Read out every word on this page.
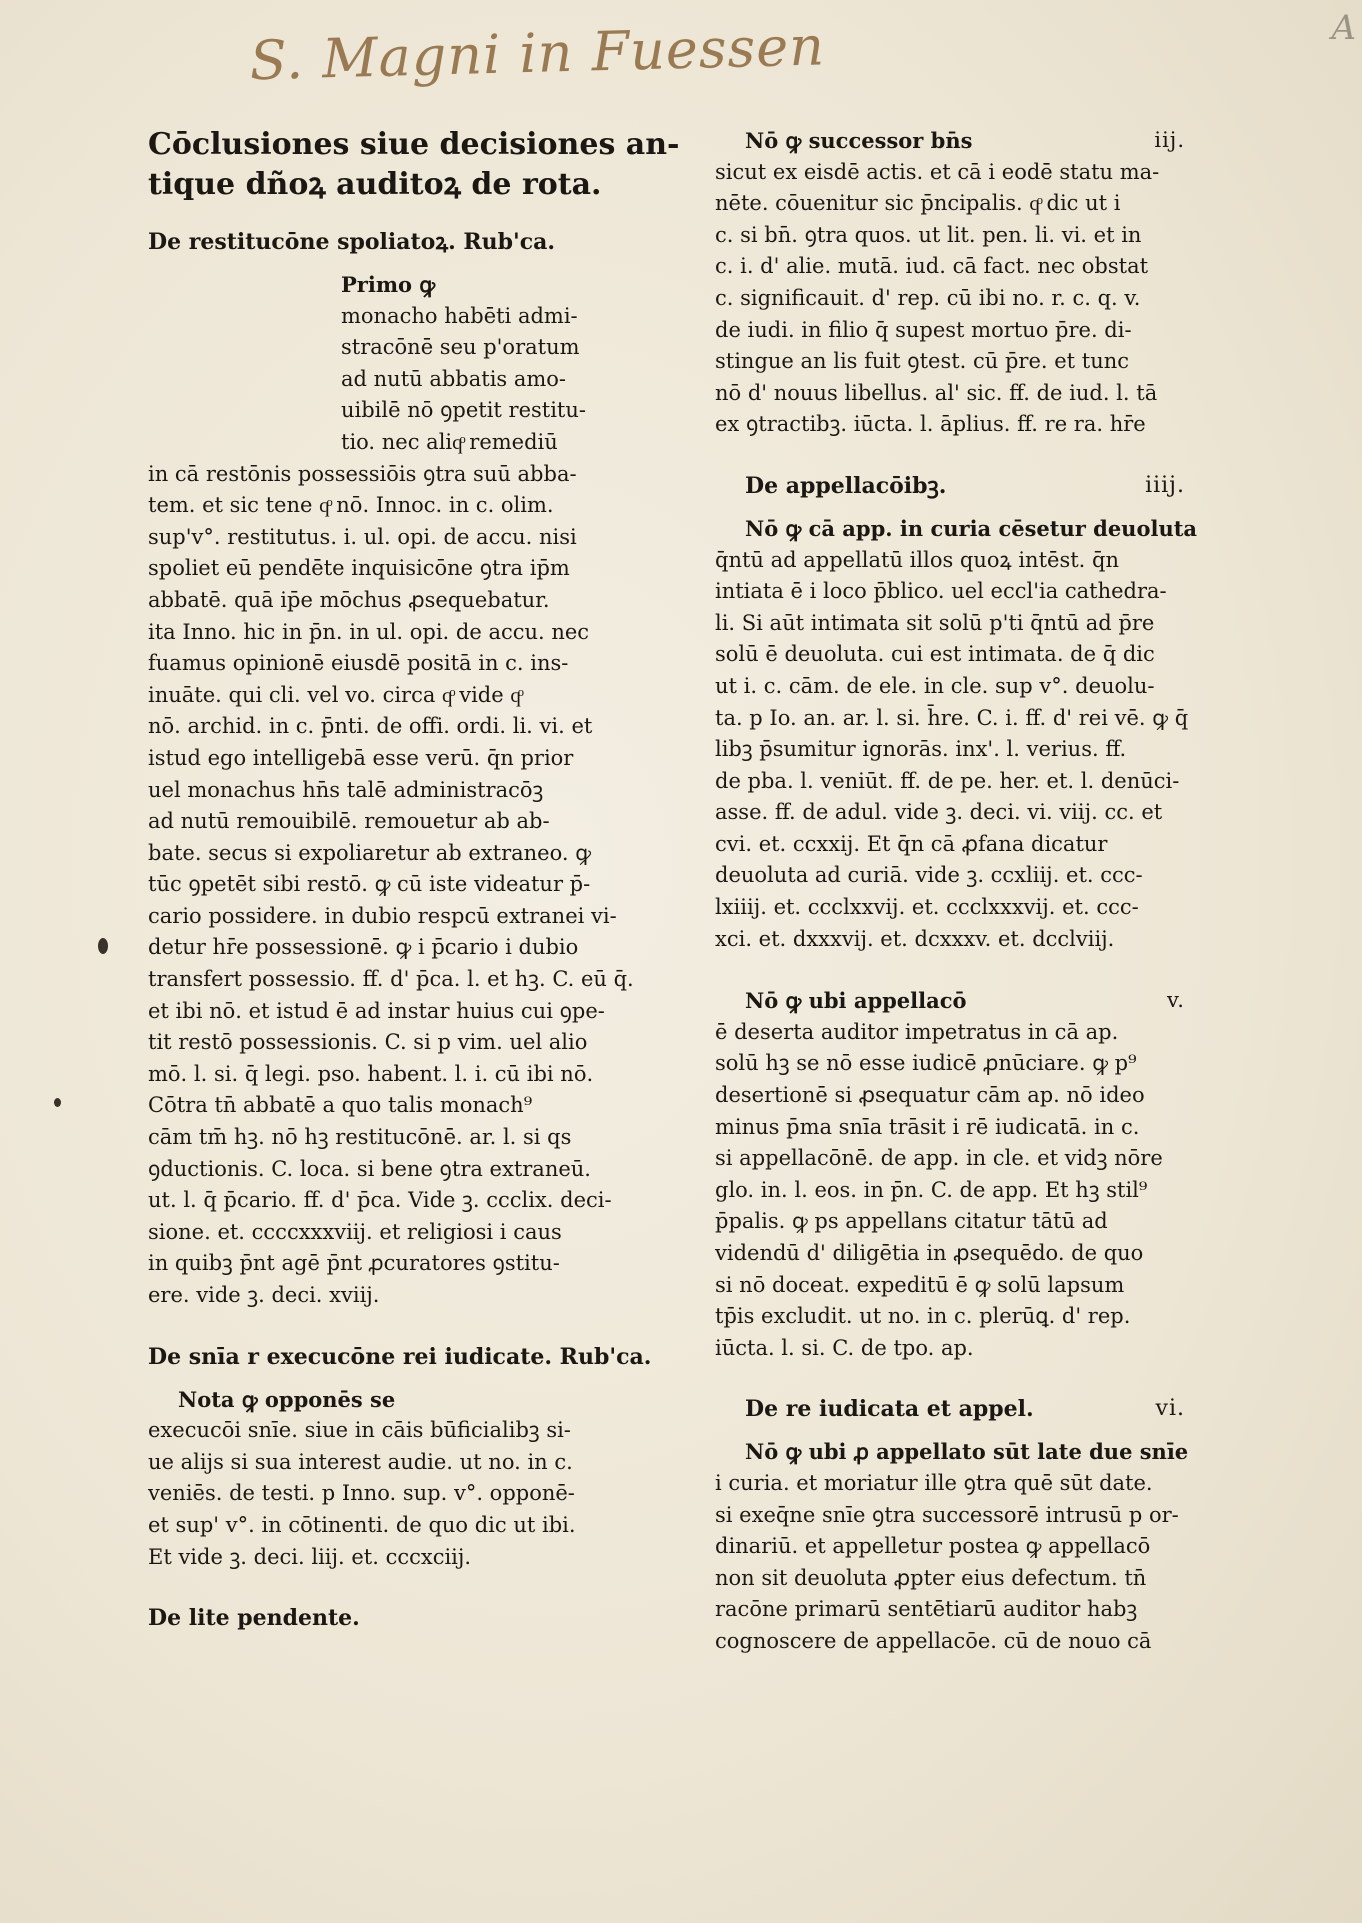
S. Magni in Fuessen	A
Cōclusiones siue decisiones an-
tique dñoꝝ auditoꝝ de rota.
De restitucōne spoliatoꝝ. Rub'ca.
Primo ꝙ
monacho habēti admi-
stracōnē seu p'oratum
ad nutū abbatis amo-
uibilē nō ꝯpetit restitu-
tio. nec aliqͦ remediū
in cā restōnis possessiōis ꝯtra suū abba-
tem. et sic tene qͦ nō. Innoc. in c. olim.
sup'v°. restitutus. i. ul. opi. de accu. nisi
spoliet eū pendēte inquisicōne ꝯtra ip̄m
abbatē. quā ip̄e mōchus ꝓsequebatur.
ita Inno. hic in p̄n. in ul. opi. de accu. nec
fuamus opinionē eiusdē positā in c. ins-
inuāte. qui cli. vel vo. circa qͦ vide qͦ
nō. archid. in c. p̄nti. de offi. ordi. li. vi. et
istud ego intelligebā esse verū. q̄n prior
uel monachus hn̄s talē administracōꝫ
ad nutū remouibilē. remouetur ab ab-
bate. secus si expoliaretur ab extraneo. ꝙ
tūc ꝯpetēt sibi restō. ꝙ cū iste videatur p̄-
cario possidere. in dubio respcū extranei vi-
detur hr̄e possessionē. ꝙ i p̄cario i dubio
transfert possessio. ff. d' p̄ca. l. et hꝫ. C. eū q̄.
et ibi nō. et istud ē ad instar huius cui ꝯpe-
tit restō possessionis. C. si p vim. uel alio
mō. l. si. q̄ legi. pso. habent. l. i. cū ibi nō.
Cōtra tn̄ abbatē a quo talis monach⁹
cām tm̄ hꝫ. nō hꝫ restitucōnē. ar. l. si qs
ꝯductionis. C. loca. si bene ꝯtra extraneū.
ut. l. q̄ p̄cario. ff. d' p̄ca. Vide ꝫ. ccclix. deci-
sione. et. ccccxxxviij. et religiosi i caus
in quibꝫ p̄nt agē p̄nt ꝓcuratores ꝯstitu-
ere. vide ꝫ. deci. xviij.
De snīa r execucōne rei iudicate. Rub'ca.
Nota ꝙ opponēs se
execucōi snīe. siue in cāis būficialibꝫ si-
ue alijs si sua interest audie. ut no. in c.
veniēs. de testi. p Inno. sup. v°. opponē-
et sup' v°. in cōtinenti. de quo dic ut ibi.
Et vide ꝫ. deci. liij. et. cccxciij.
De lite pendente.
Nō ꝙ successor bn̄s	iij.
sicut ex eisdē actis. et cā i eodē statu ma-
nēte. cōuenitur sic p̄ncipalis. qͦ dic ut i
c. si bn̄. ꝯtra quos. ut lit. pen. li. vi. et in
c. i. d' alie. mutā. iud. cā fact. nec obstat
c. significauit. d' rep. cū ibi no. r. c. q. v.
de iudi. in filio q̄ supest mortuo p̄re. di-
stingue an lis fuit ꝯtest. cū p̄re. et tunc
nō d' nouus libellus. al' sic. ff. de iud. l. tā
ex ꝯtractibꝫ. iūcta. l. āplius. ff. re ra. hr̄e
De appellacōibꝫ.	iiij.
Nō ꝙ cā app. in curia cēsetur deuoluta
q̄ntū ad appellatū illos quoꝝ intēst. q̄n
intiata ē i loco p̄blico. uel eccl'ia cathedra-
li. Si aūt intimata sit solū p'ti q̄ntū ad p̄re
solū ē deuoluta. cui est intimata. de q̄ dic
ut i. c. cām. de ele. in cle. sup v°. deuolu-
ta. p Io. an. ar. l. si. h̄re. C. i. ff. d' rei vē. ꝙ q̄
libꝫ p̄sumitur ignorās. inx'. l. verius. ff.
de pba. l. veniūt. ff. de pe. her. et. l. denūci-
asse. ff. de adul. vide ꝫ. deci. vi. viij. cc. et
cvi. et. ccxxij. Et q̄n cā ꝓfana dicatur
deuoluta ad curiā. vide ꝫ. ccxliij. et. ccc-
lxiiij. et. ccclxxvij. et. ccclxxxvij. et. ccc-
xci. et. dxxxvij. et. dcxxxv. et. dcclviij.
Nō ꝙ ubi appellacō	v.
ē deserta auditor impetratus in cā ap.
solū hꝫ se nō esse iudicē ꝓnūciare. ꝙ p⁹
desertionē si ꝓsequatur cām ap. nō ideo
minus p̄ma snīa trāsit i rē iudicatā. in c.
si appellacōnē. de app. in cle. et vidꝫ nōre
glo. in. l. eos. in p̄n. C. de app. Et hꝫ stil⁹
p̄palis. ꝙ ps appellans citatur tātū ad
videndū d' diligētia in ꝓsequēdo. de quo
si nō doceat. expeditū ē ꝙ solū lapsum
tp̄is excludit. ut no. in c. plerūꝗ. d' rep.
iūcta. l. si. C. de tpo. ap.
De re iudicata et appel.	vi.
Nō ꝙ ubi ꝓ appellato sūt late due snīe
i curia. et moriatur ille ꝯtra quē sūt date.
si exeq̄ne snīe ꝯtra successorē intrusū p or-
dinariū. et appelletur postea ꝙ appellacō
non sit deuoluta ꝓpter eius defectum. tn̄
racōne primarū sentētiarū auditor habꝫ
cognoscere de appellacōe. cū de nouo cā
